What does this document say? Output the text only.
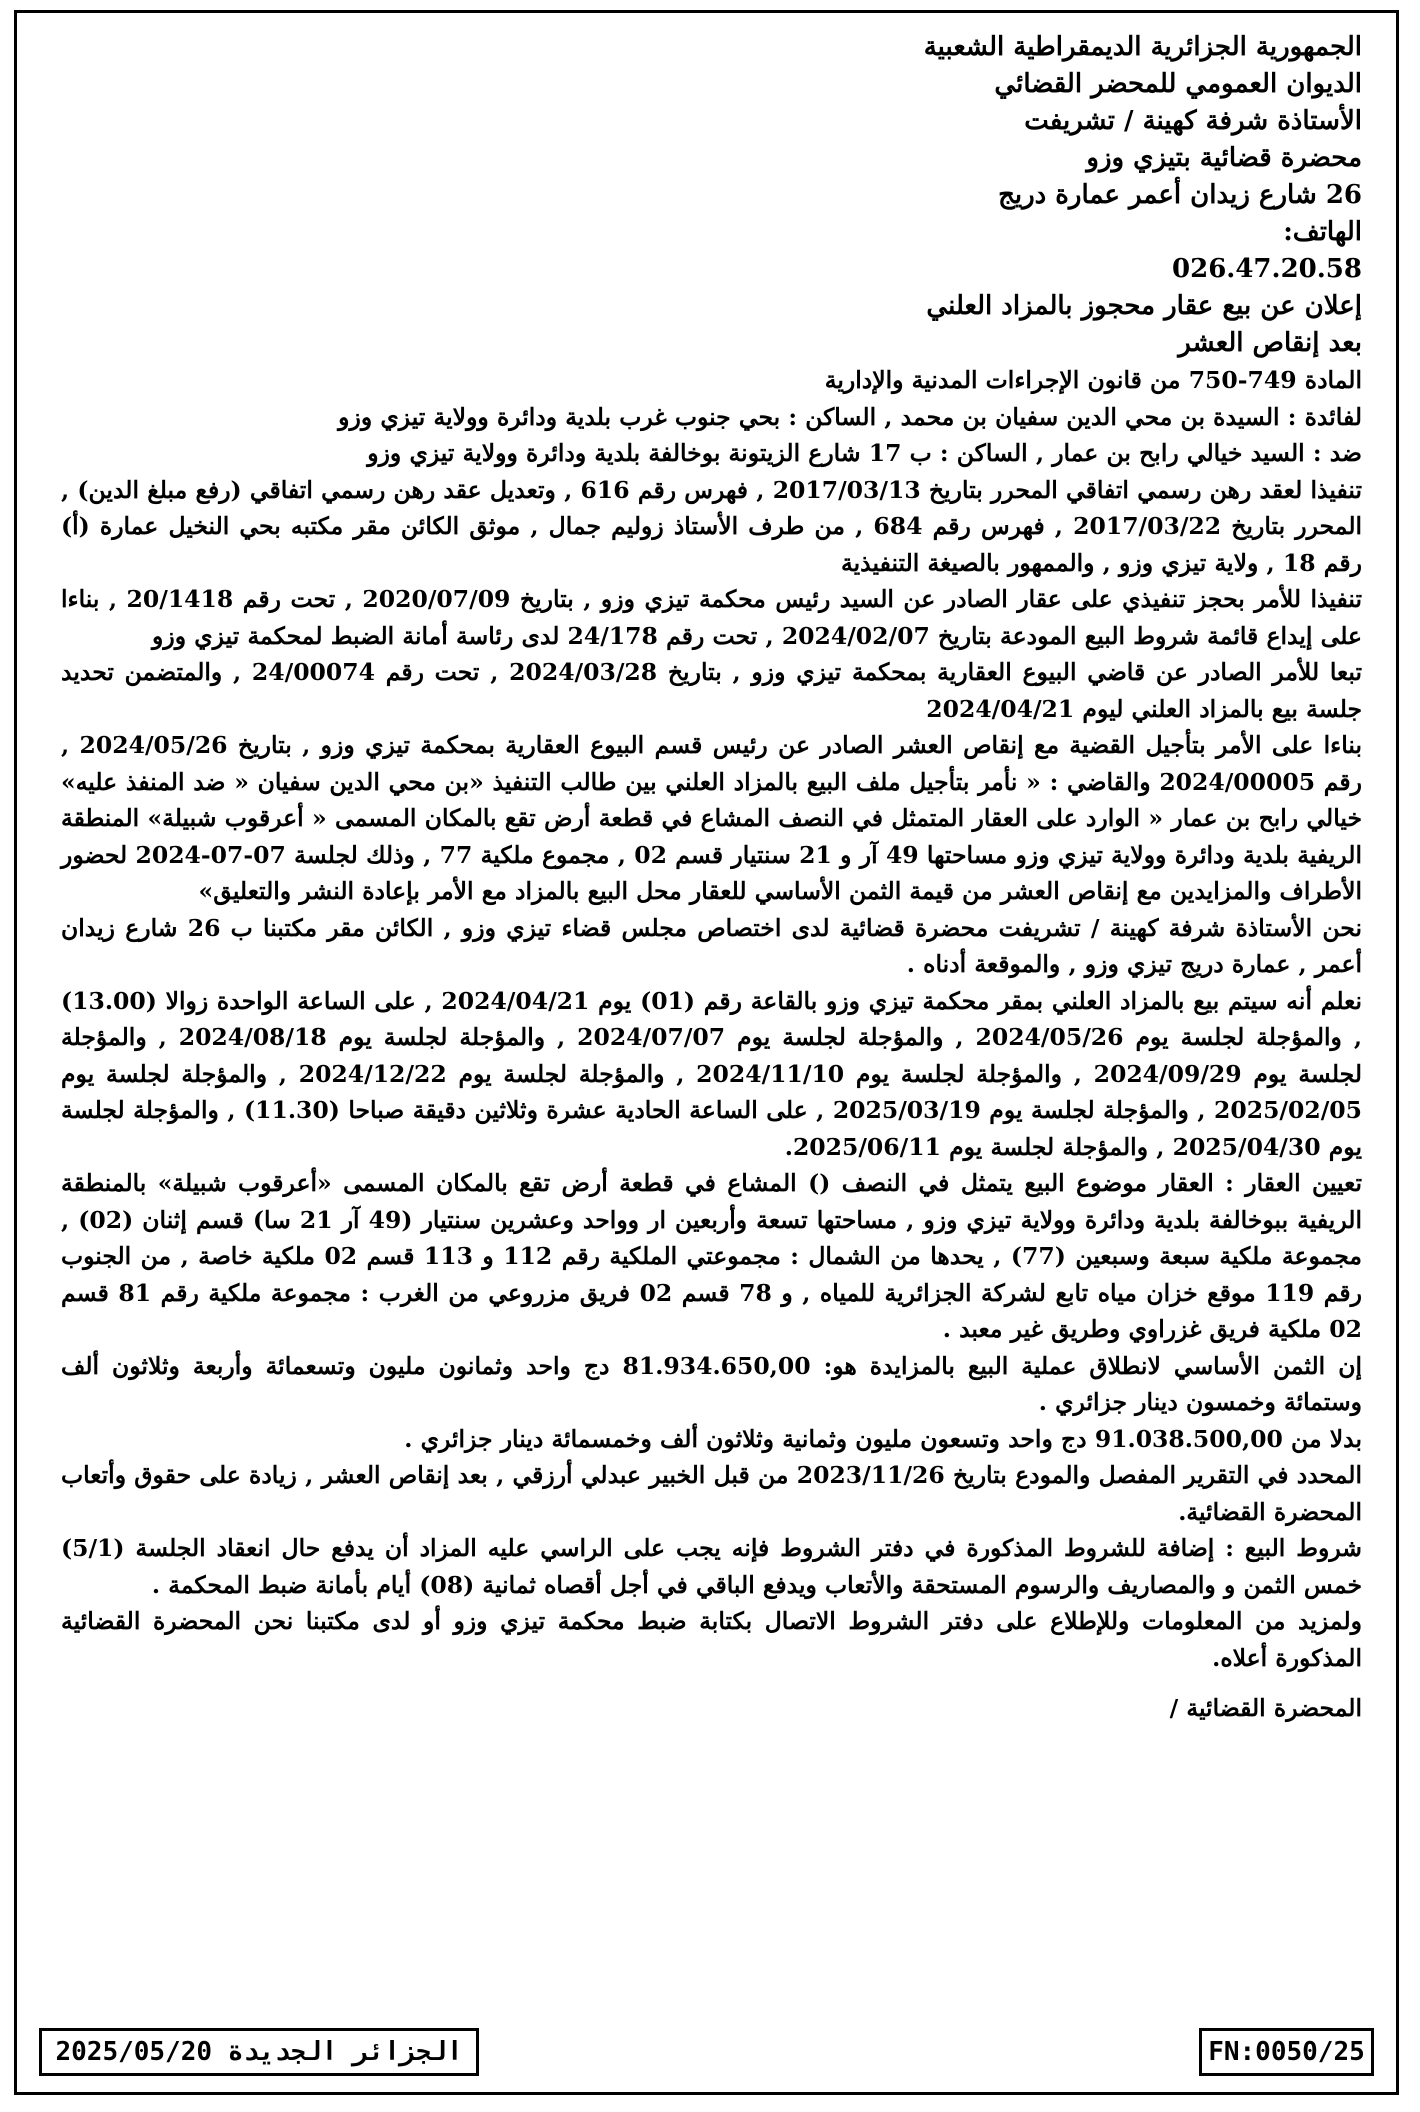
الجمهورية الجزائرية الديمقراطية الشعبية

الديوان العمومي للمحضر القضائي

الأستاذة شرفة كهينة / تشريفت

محضرة قضائية بتيزي وزو

26 شارع زيدان أعمر عمارة دريج

الهاتف:

026.47.20.58

إعلان عن بيع عقار محجوز بالمزاد العلني

بعد إنقاص العشر

المادة 749-750 من قانون الإجراءات المدنية والإدارية

لفائدة : السيدة بن محي الدين سفيان بن محمد , الساكن : بحي جنوب غرب بلدية ودائرة وولاية تيزي وزو

ضد : السيد خيالي رابح بن عمار , الساكن : ب 17 شارع الزيتونة بوخالفة بلدية ودائرة وولاية تيزي وزو

تنفيذا لعقد رهن رسمي اتفاقي المحرر بتاريخ 2017/03/13 , فهرس رقم 616 , وتعديل عقد رهن رسمي اتفاقي (رفع مبلغ الدين) , المحرر بتاريخ 2017/03/22 , فهرس رقم 684 , من طرف الأستاذ زوليم جمال , موثق الكائن مقر مكتبه بحي النخيل عمارة (أ) رقم 18 , ولاية تيزي وزو , والممهور بالصيغة التنفيذية

تنفيذا للأمر بحجز تنفيذي على عقار الصادر عن السيد رئيس محكمة تيزي وزو , بتاريخ 2020/07/09 , تحت رقم 20/1418 , بناءا على إيداع قائمة شروط البيع المودعة بتاريخ 2024/02/07 , تحت رقم 24/178 لدى رئاسة أمانة الضبط لمحكمة تيزي وزو

تبعا للأمر الصادر عن قاضي البيوع العقارية بمحكمة تيزي وزو , بتاريخ 2024/03/28 , تحت رقم 24/00074 , والمتضمن تحديد جلسة بيع بالمزاد العلني ليوم 2024/04/21

بناءا على الأمر بتأجيل القضية مع إنقاص العشر الصادر عن رئيس قسم البيوع العقارية بمحكمة تيزي وزو , بتاريخ 2024/05/26 , رقم 2024/00005 والقاضي : « نأمر بتأجيل ملف البيع بالمزاد العلني بين طالب التنفيذ «بن محي الدين سفيان « ضد المنفذ عليه» خيالي رابح بن عمار « الوارد على العقار المتمثل في النصف المشاع في قطعة أرض تقع بالمكان المسمى « أعرقوب شبيلة» المنطقة الريفية بلدية ودائرة وولاية تيزي وزو مساحتها 49 آر و 21 سنتيار قسم 02 , مجموع ملكية 77 , وذلك لجلسة 07-07-2024 لحضور الأطراف والمزايدين مع إنقاص العشر من قيمة الثمن الأساسي للعقار محل البيع بالمزاد مع الأمر بإعادة النشر والتعليق»

نحن الأستاذة شرفة كهينة / تشريفت محضرة قضائية لدى اختصاص مجلس قضاء تيزي وزو , الكائن مقر مكتبنا ب 26 شارع زيدان أعمر , عمارة دريج تيزي وزو , والموقعة أدناه .

نعلم أنه سيتم بيع بالمزاد العلني بمقر محكمة تيزي وزو بالقاعة رقم (01) يوم 2024/04/21 , على الساعة الواحدة زوالا (13.00) , والمؤجلة لجلسة يوم 2024/05/26 , والمؤجلة لجلسة يوم 2024/07/07 , والمؤجلة لجلسة يوم 2024/08/18 , والمؤجلة لجلسة يوم 2024/09/29 , والمؤجلة لجلسة يوم 2024/11/10 , والمؤجلة لجلسة يوم 2024/12/22 , والمؤجلة لجلسة يوم 2025/02/05 , والمؤجلة لجلسة يوم 2025/03/19 , على الساعة الحادية عشرة وثلاثين دقيقة صباحا (11.30) , والمؤجلة لجلسة يوم 2025/04/30 , والمؤجلة لجلسة يوم 2025/06/11.

تعيين العقار : العقار موضوع البيع يتمثل في النصف () المشاع في قطعة أرض تقع بالمكان المسمى «أعرقوب شبيلة» بالمنطقة الريفية ببوخالفة بلدية ودائرة وولاية تيزي وزو , مساحتها تسعة وأربعين ار وواحد وعشرين سنتيار (49 آر 21 سا) قسم إثنان (02) , مجموعة ملكية سبعة وسبعين (77) , يحدها من الشمال : مجموعتي الملكية رقم 112 و 113 قسم 02 ملكية خاصة , من الجنوب رقم 119 موقع خزان مياه تابع لشركة الجزائرية للمياه , و 78 قسم 02 فريق مزروعي من الغرب : مجموعة ملكية رقم 81 قسم 02 ملكية فريق غزراوي وطريق غير معبد .

إن الثمن الأساسي لانطلاق عملية البيع بالمزايدة هو: 81.934.650,00 دج واحد وثمانون مليون وتسعمائة وأربعة وثلاثون ألف وستمائة وخمسون دينار جزائري .

بدلا من 91.038.500,00 دج واحد وتسعون مليون وثمانية وثلاثون ألف وخمسمائة دينار جزائري .

المحدد في التقرير المفصل والمودع بتاريخ 2023/11/26 من قبل الخبير عبدلي أرزقي , بعد إنقاص العشر , زيادة على حقوق وأتعاب المحضرة القضائية.

شروط البيع : إضافة للشروط المذكورة في دفتر الشروط فإنه يجب على الراسي عليه المزاد أن يدفع حال انعقاد الجلسة (5/1) خمس الثمن و والمصاريف والرسوم المستحقة والأتعاب ويدفع الباقي في أجل أقصاه ثمانية (08) أيام بأمانة ضبط المحكمة .

ولمزيد من المعلومات وللإطلاع على دفتر الشروط الاتصال بكتابة ضبط محكمة تيزي وزو أو لدى مكتبنا نحن المحضرة القضائية المذكورة أعلاه.

المحضرة القضائية /

الجزائر الجديدة 2025/05/20	FN:0050/25
